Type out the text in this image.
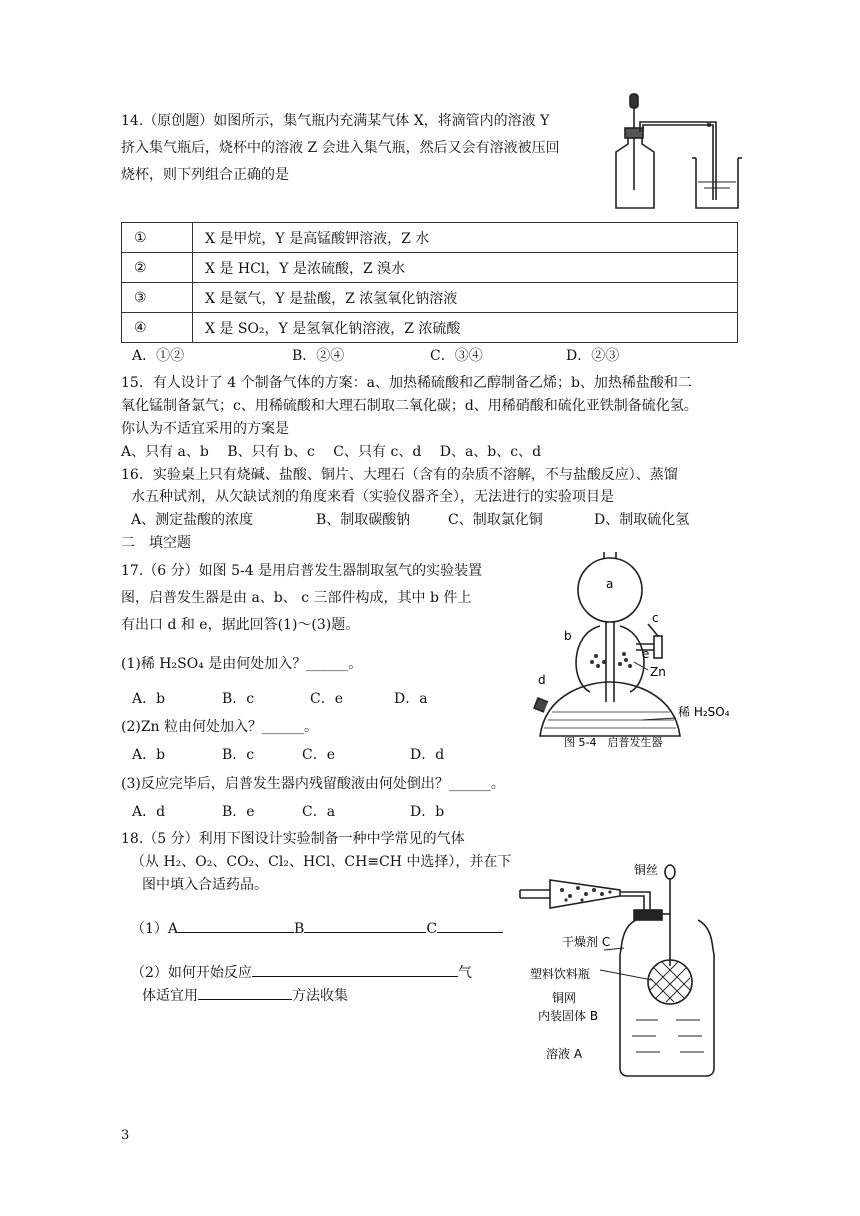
14.（原创题）如图所示，集气瓶内充满某气体 X，将滴管内的溶液 Y
挤入集气瓶后，烧杯中的溶液 Z 会进入集气瓶，然后又会有溶液被压回
烧杯，则下列组合正确的是
①	X 是甲烷，Y 是高锰酸钾溶液，Z 水
②	X 是 HCl，Y 是浓硫酸，Z 溴水
③	X 是氨气，Y 是盐酸，Z 浓氢氧化钠溶液
④	X 是 SO₂，Y 是氢氧化钠溶液，Z 浓硫酸
A．①②	B．②④	C．③④	D．②③
15．有人设计了 4 个制备气体的方案：a、加热稀硫酸和乙醇制备乙烯；b、加热稀盐酸和二
氧化锰制备氯气；c、用稀硫酸和大理石制取二氧化碳；d、用稀硝酸和硫化亚铁制备硫化氢。
你认为不适宜采用的方案是
A、只有 a、b　 B、只有 b、c　 C、只有 c、d　 D、a、b、c、d
16．实验桌上只有烧碱、盐酸、铜片、大理石（含有的杂质不溶解，不与盐酸反应）、蒸馏
水五种试剂，从欠缺试剂的角度来看（实验仪器齐全），无法进行的实验项目是
A、测定盐酸的浓度	B、制取碳酸钠	C、制取氯化铜	D、制取硫化氢
二　填空题
17.（6 分）如图 5-4 是用启普发生器制取氢气的实验装置
图，启普发生器是由 a、b、 c 三部件构成，其中 b 件上
有出口 d 和 e，据此回答(1)～(3)题。
(1)稀 H₂SO₄ 是由何处加入？______。
A．b	B．c	C．e	D．a
(2)Zn 粒由何处加入？______。
A．b	B．c	C．e	D．d
(3)反应完毕后，启普发生器内残留酸液由何处倒出？______。
A．d	B．e	C．a	D．b
a
b
c
d
e
Zn
稀 H₂SO₄
图 5-4　启普发生器
18.（5 分）利用下图设计实验制备一种中学常见的气体
（从 H₂、O₂、CO₂、Cl₂、HCl、CH≡CH 中选择），并在下
图中填入合适药品。
（1）A	B	C
（2）如何开始反应	气
体适宜用	方法收集
铜丝
干燥剂 C
塑料饮料瓶
铜网
内装固体 B
溶液 A
3
